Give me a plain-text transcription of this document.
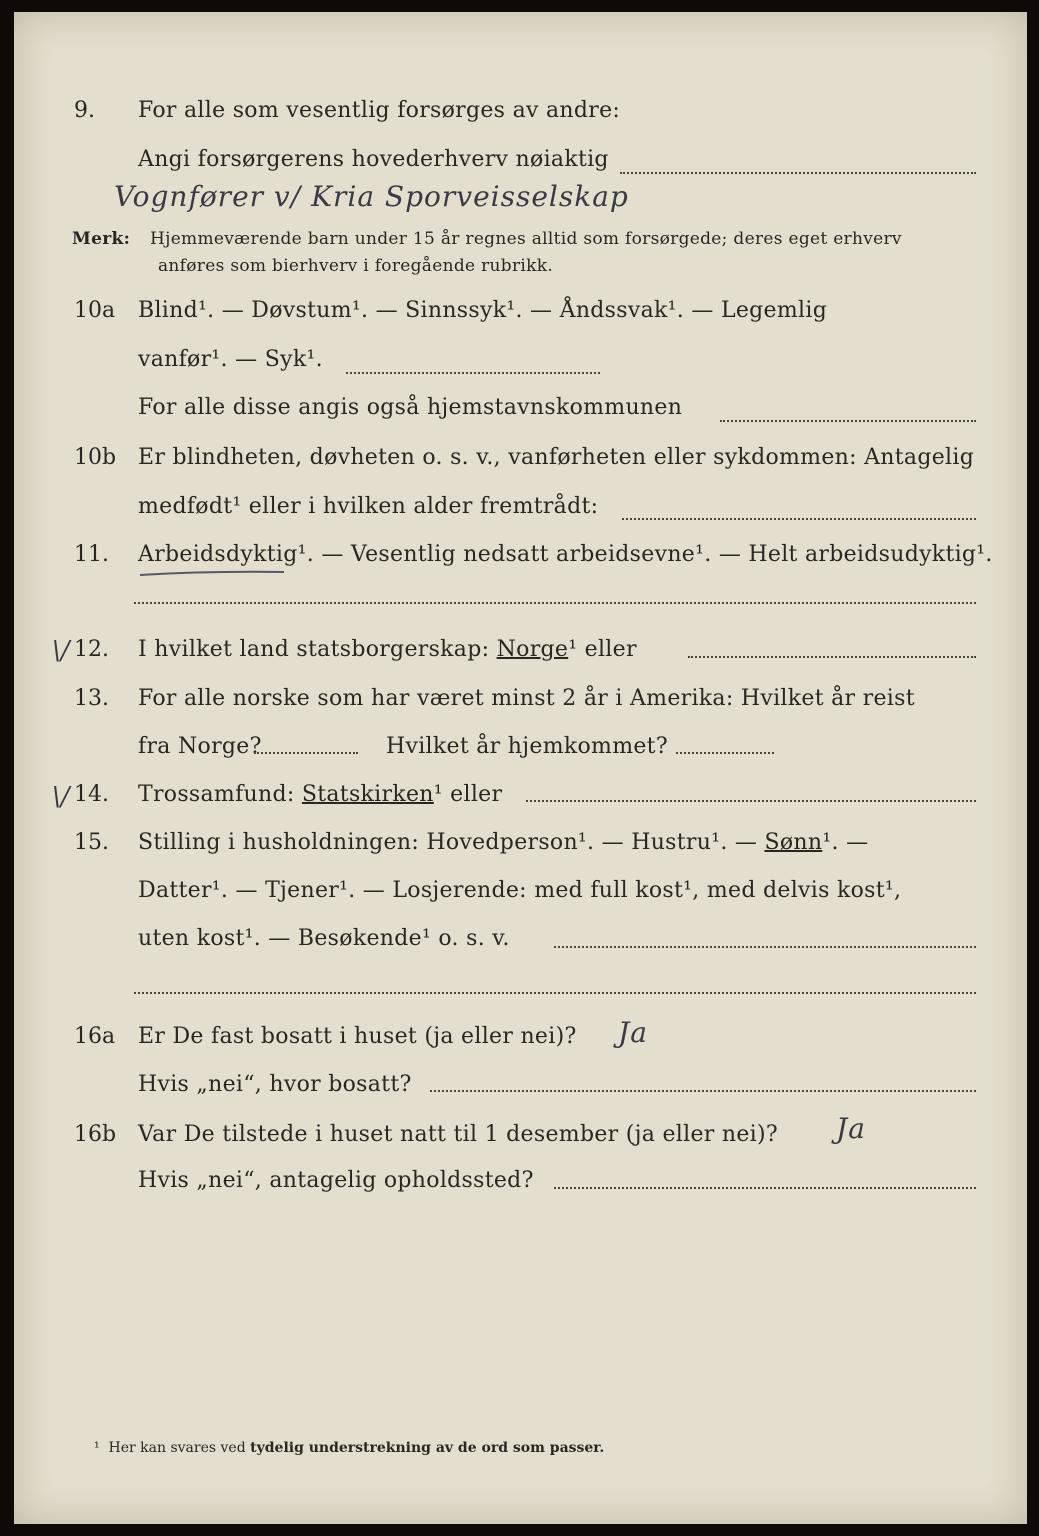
9. For alle som vesentlig forsørges av andre:
Angi forsørgerens hovederhverv nøiaktig
Vognfører v/ Kria Sporveisselskap
Merk: Hjemmeværende barn under 15 år regnes alltid som forsørgede; deres eget erhverv
anføres som bierhverv i foregående rubrikk.
10a Blind¹. — Døvstum¹. — Sinnssyk¹. — Åndssvak¹. — Legemlig
vanfør¹. — Syk¹.
For alle disse angis også hjemstavnskommunen
10b Er blindheten, døvheten o. s. v., vanførheten eller sykdommen: Antagelig
medfødt¹ eller i hvilken alder fremtrådt:
11. Arbeidsdyktig¹. — Vesentlig nedsatt arbeidsevne¹. — Helt arbeidsudyktig¹.
\/ 12. I hvilket land statsborgerskap: Norge¹ eller
13. For alle norske som har været minst 2 år i Amerika: Hvilket år reist
fra Norge?	Hvilket år hjemkommet?
\/ 14. Trossamfund: Statskirken¹ eller
15. Stilling i husholdningen: Hovedperson¹. — Hustru¹. — Sønn¹. —
Datter¹. — Tjener¹. — Losjerende: med full kost¹, med delvis kost¹,
uten kost¹. — Besøkende¹ o. s. v.
16a Er De fast bosatt i huset (ja eller nei)? Ja
Hvis „nei“, hvor bosatt?
16b Var De tilstede i huset natt til 1 desember (ja eller nei)? Ja
Hvis „nei“, antagelig opholdssted?
¹ Her kan svares ved tydelig understrekning av de ord som passer.
